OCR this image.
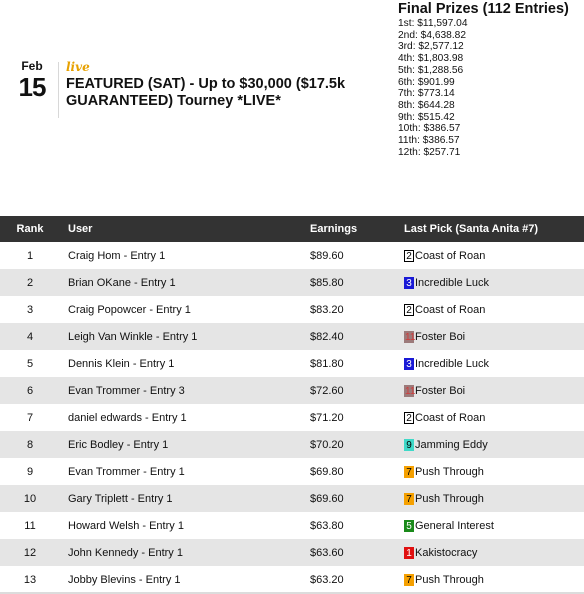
Feb
15
live
FEATURED (SAT) - Up to $30,000 ($17.5k GUARANTEED) Tourney *LIVE*
Final Prizes (112 Entries)
1st: $11,597.04
2nd: $4,638.82
3rd: $2,577.12
4th: $1,803.98
5th: $1,288.56
6th: $901.99
7th: $773.14
8th: $644.28
9th: $515.42
10th: $386.57
11th: $386.57
12th: $257.71
Rank	User	Earnings	Last Pick (Santa Anita #7)
1	Craig Hom - Entry 1	$89.60	2 Coast of Roan

2	Brian OKane - Entry 1	$85.80	3 Incredible Luck

3	Craig Popowcer - Entry 1	$83.20	2 Coast of Roan

4	Leigh Van Winkle - Entry 1	$82.40	11 Foster Boi

5	Dennis Klein - Entry 1	$81.80	3 Incredible Luck

6	Evan Trommer - Entry 3	$72.60	11 Foster Boi

7	daniel edwards - Entry 1	$71.20	2 Coast of Roan

8	Eric Bodley - Entry 1	$70.20	9 Jamming Eddy

9	Evan Trommer - Entry 1	$69.80	7 Push Through

10	Gary Triplett - Entry 1	$69.60	7 Push Through

11	Howard Welsh - Entry 1	$63.80	5 General Interest

12	John Kennedy - Entry 1	$63.60	1 Kakistocracy

13	Jobby Blevins - Entry 1	$63.20	7 Push Through
